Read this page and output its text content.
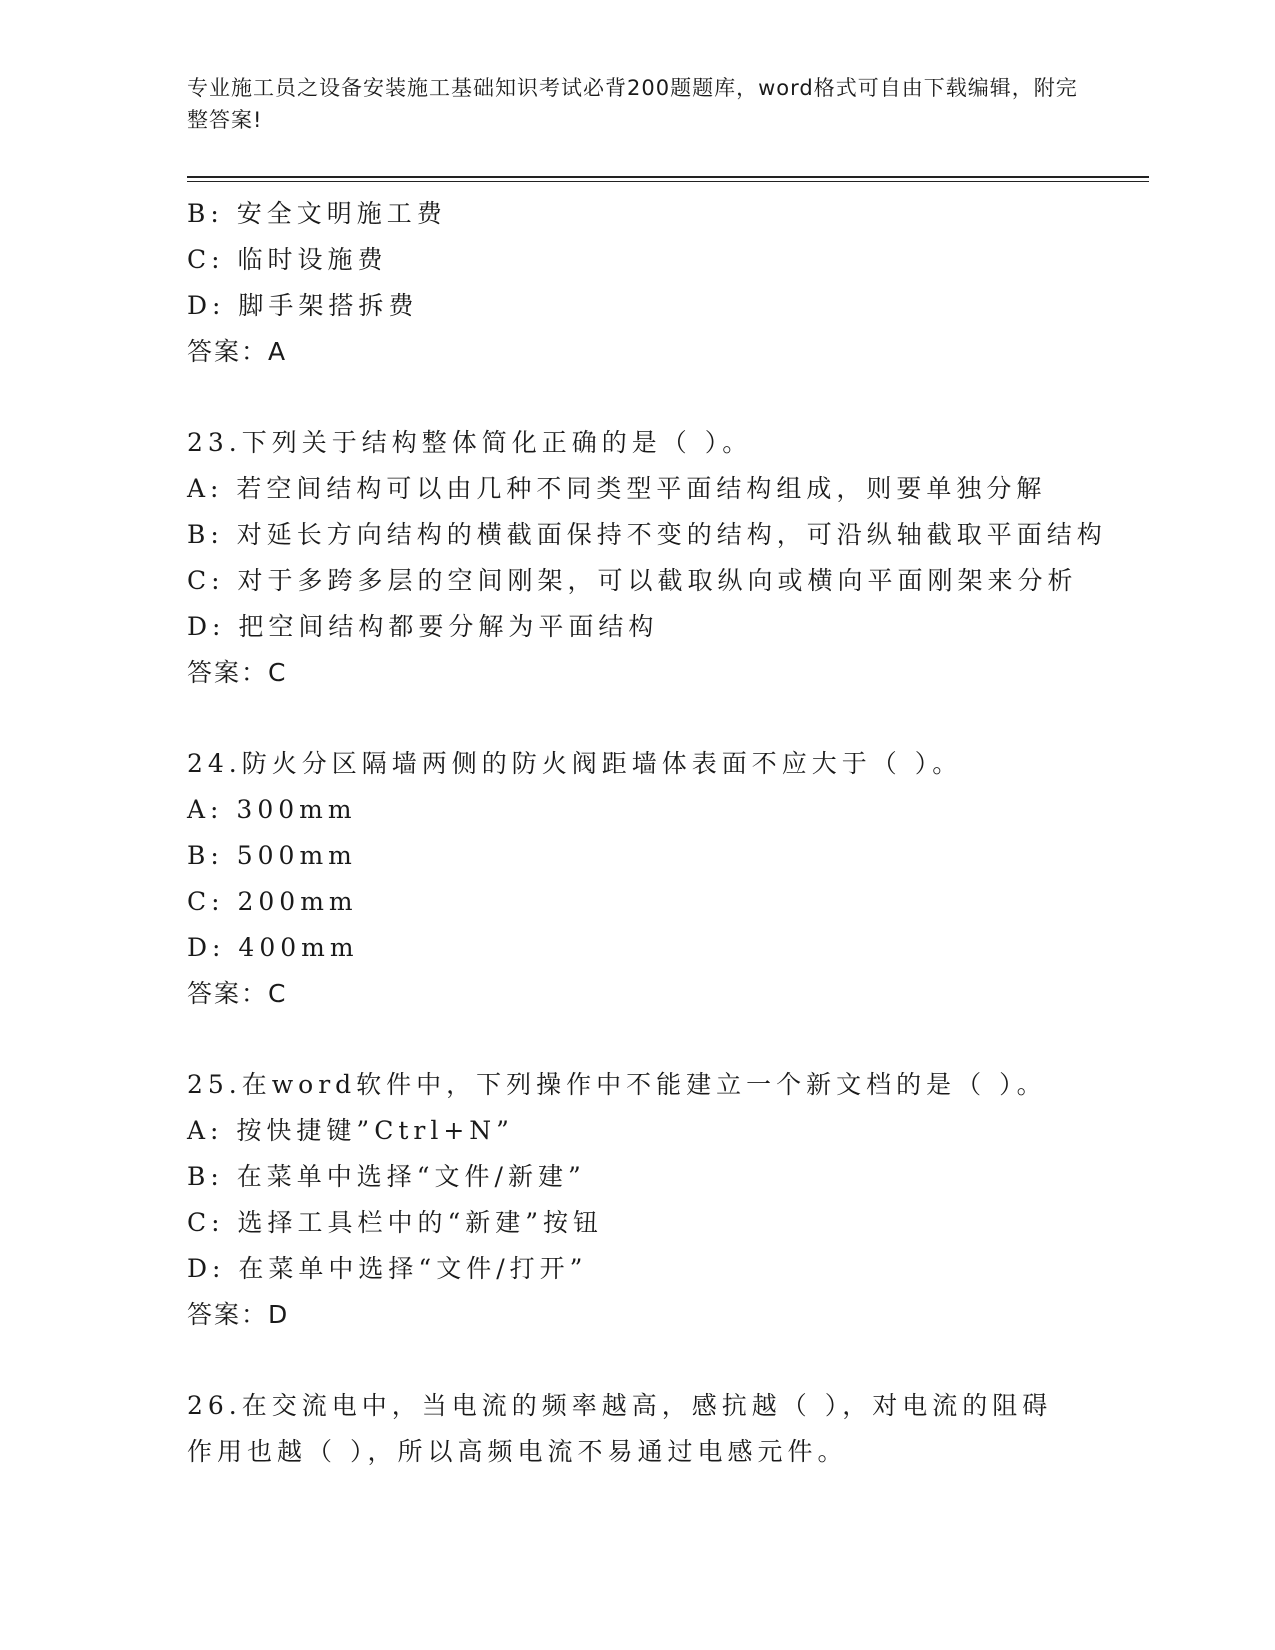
专业施工员之设备安装施工基础知识考试必背200题题库，word格式可自由下载编辑，附完整答案!
B: 安全文明施工费
C: 临时设施费
D: 脚手架搭拆费
答案：A
23.下列关于结构整体简化正确的是（ ）。
A: 若空间结构可以由几种不同类型平面结构组成，则要单独分解
B: 对延长方向结构的横截面保持不变的结构，可沿纵轴截取平面结构
C: 对于多跨多层的空间刚架，可以截取纵向或横向平面刚架来分析
D: 把空间结构都要分解为平面结构
答案：C
24.防火分区隔墙两侧的防火阀距墙体表面不应大于（ ）。
A: 300mm
B: 500mm
C: 200mm
D: 400mm
答案：C
25.在word软件中，下列操作中不能建立一个新文档的是（ ）。
A: 按快捷键”Ctrl+N”
B: 在菜单中选择“文件/新建”
C: 选择工具栏中的“新建”按钮
D: 在菜单中选择“文件/打开”
答案：D
26.在交流电中，当电流的频率越高，感抗越（ ），对电流的阻碍作用也越（ ），所以高频电流不易通过电感元件。
